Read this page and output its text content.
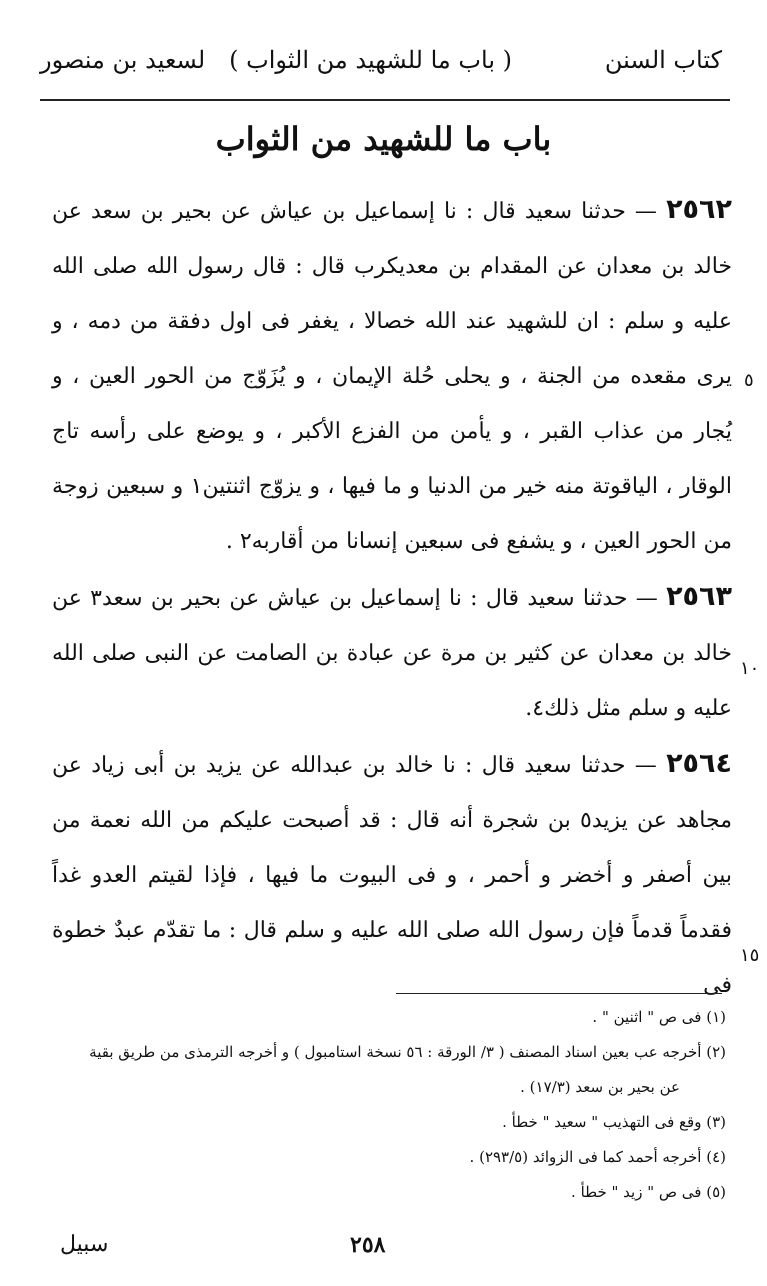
كتاب السنن
( باب ما للشهيد من الثواب )
لسعيد بن منصور
باب ما للشهيد من الثواب

٢٥٦٢ — حدثنا سعيد قال : نا إسماعيل بن عياش عن بحير بن سعد عن خالد بن معدان عن المقدام بن معديكرب قال : قال رسول الله صلى الله عليه و سلم : ان للشهيد عند الله خصالا ، يغفر فى اول دفقة من دمه ، و يرى مقعده من الجنة ، و يحلى حُلة الإيمان ، و يُزَوّج من الحور العين ، و يُجار من عذاب القبر ، و يأمن من الفزع الأكبر ، و يوضع على رأسه تاج الوقار ، الياقوتة منه خير من الدنيا و ما فيها ، و يزوّج اثنتين١ و سبعين زوجة من الحور العين ، و يشفع فى سبعين إنسانا من أقاربه٢ .

٢٥٦٣ — حدثنا سعيد قال : نا إسماعيل بن عياش عن بحير بن سعد٣ عن خالد بن معدان عن كثير بن مرة عن عبادة بن الصامت عن النبى صلى الله عليه و سلم مثل ذلك٤.

٢٥٦٤ — حدثنا سعيد قال : نا خالد بن عبدالله عن يزيد بن أبى زياد عن مجاهد عن يزيد٥ بن شجرة أنه قال : قد أصبحت عليكم من الله نعمة من بين أصفر و أخضر و أحمر ، و فى البيوت ما فيها ، فإذا لقيتم العدو غداً فقدماً قدماً فإن رسول الله صلى الله عليه و سلم قال : ما تقدّم عبدٌ خطوة فى

٥
١٠
١٥

(١) فى ص " اثنين " .

(٢) أخرجه عب بعين اسناد المصنف ( ٣/ الورقة : ٥٦ نسخة استامبول ) و أخرجه الترمذى من طريق بقية

عن بحير بن سعد (١٧/٣) .

(٣) وقع فى التهذيب " سعيد " خطأ .

(٤) أخرجه أحمد كما فى الزوائد (٢٩٣/٥) .

(٥) فى ص " زيد " خطأ .

٢٥٨
سبيل
